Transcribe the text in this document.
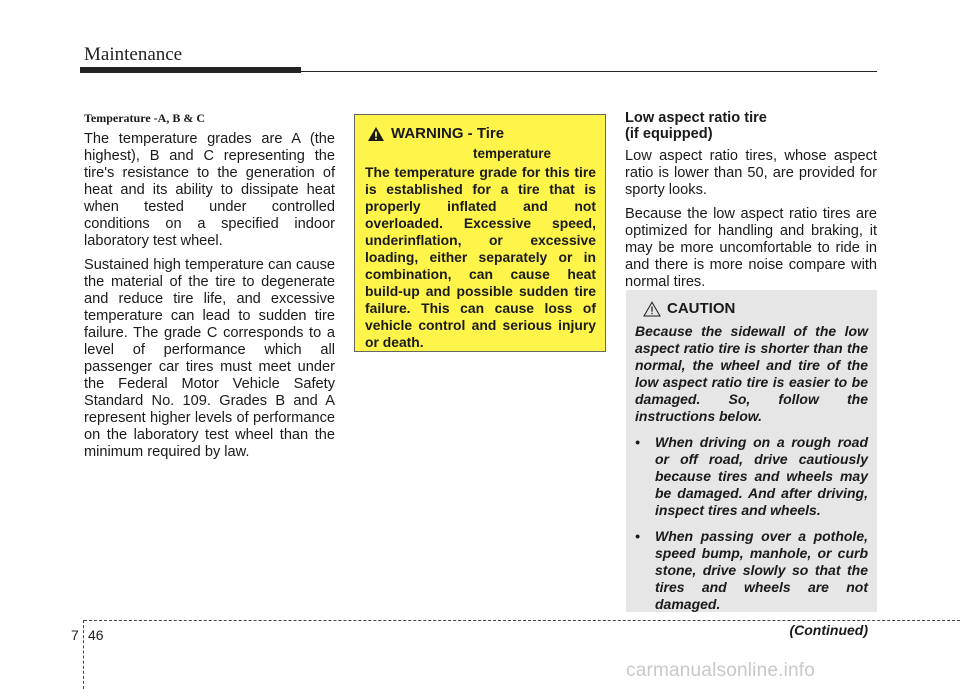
Maintenance
Temperature -A, B & C

The temperature grades are A (the highest), B and C representing the tire's resistance to the generation of heat and its ability to dissipate heat when tested under controlled conditions on a specified indoor laboratory test wheel.

Sustained high temperature can cause the material of the tire to degenerate and reduce tire life, and excessive temperature can lead to sudden tire failure. The grade C corresponds to a level of performance which all passenger car tires must meet under the Federal Motor Vehicle Safety Standard No. 109. Grades B and A represent higher levels of performance on the laboratory test wheel than the minimum required by law.

WARNING - Tire
temperature

The temperature grade for this tire is established for a tire that is properly inflated and not overloaded. Excessive speed, underinflation, or excessive loading, either separately or in combination, can cause heat build-up and possible sudden tire failure. This can cause loss of vehicle control and serious injury or death.

Low aspect ratio tire
(if equipped)

Low aspect ratio tires, whose aspect ratio is lower than 50, are provided for sporty looks.

Because the low aspect ratio tires are optimized for handling and braking, it may be more uncomfortable to ride in and there is more noise compare with normal tires.

CAUTION

Because the sidewall of the low aspect ratio tire is shorter than the normal, the wheel and tire of the low aspect ratio tire is easier to be damaged. So, follow the instructions below.

• When driving on a rough road or off road, drive cautiously because tires and wheels may be damaged. And after driving, inspect tires and wheels.
• When passing over a pothole, speed bump, manhole, or curb stone, drive slowly so that the tires and wheels are not damaged.
(Continued)
7 46
carmanualsonline.info
